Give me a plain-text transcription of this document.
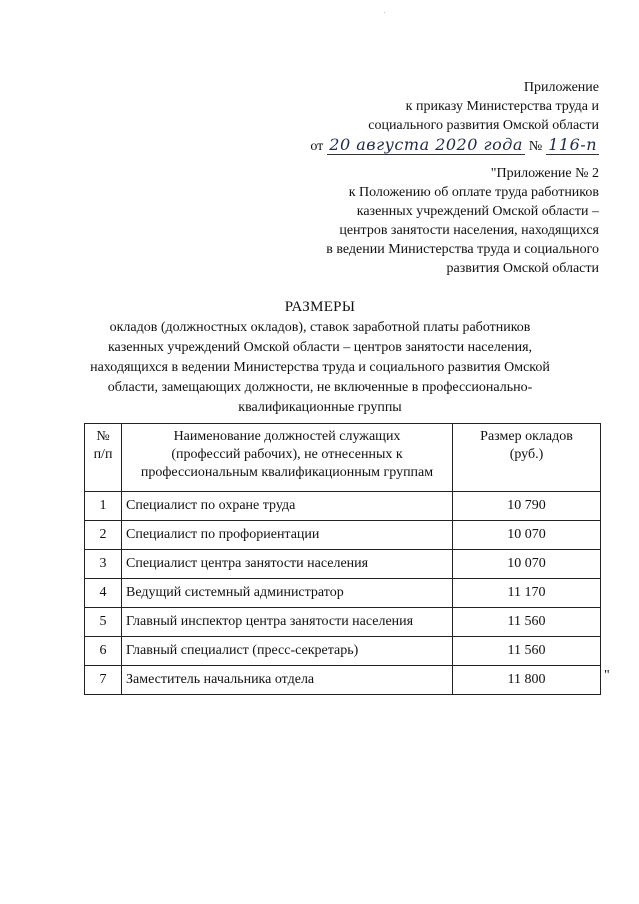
Приложение
к приказу Министерства труда и
социального развития Омской области
от 20 августа 2020 года № 116-п
"Приложение № 2
к Положению об оплате труда работников
казенных учреждений Омской области –
центров занятости населения, находящихся
в ведении Министерства труда и социального
развития Омской области
РАЗМЕРЫ
окладов (должностных окладов), ставок заработной платы работников
казенных учреждений Омской области – центров занятости населения,
находящихся в ведении Министерства труда и социального развития Омской
области, замещающих должности, не включенные в профессионально-
квалификационные группы
№
п/п	Наименование должностей служащих
(профессий рабочих), не отнесенных к
профессиональным квалификационным группам	Размер окладов
(руб.)
1	Специалист по охране труда	10 790
2	Специалист по профориентации	10 070
3	Специалист центра занятости населения	10 070
4	Ведущий системный администратор	11 170
5	Главный инспектор центра занятости населения	11 560
6	Главный специалист (пресс-секретарь)	11 560
7	Заместитель начальника отдела	11 800	"
